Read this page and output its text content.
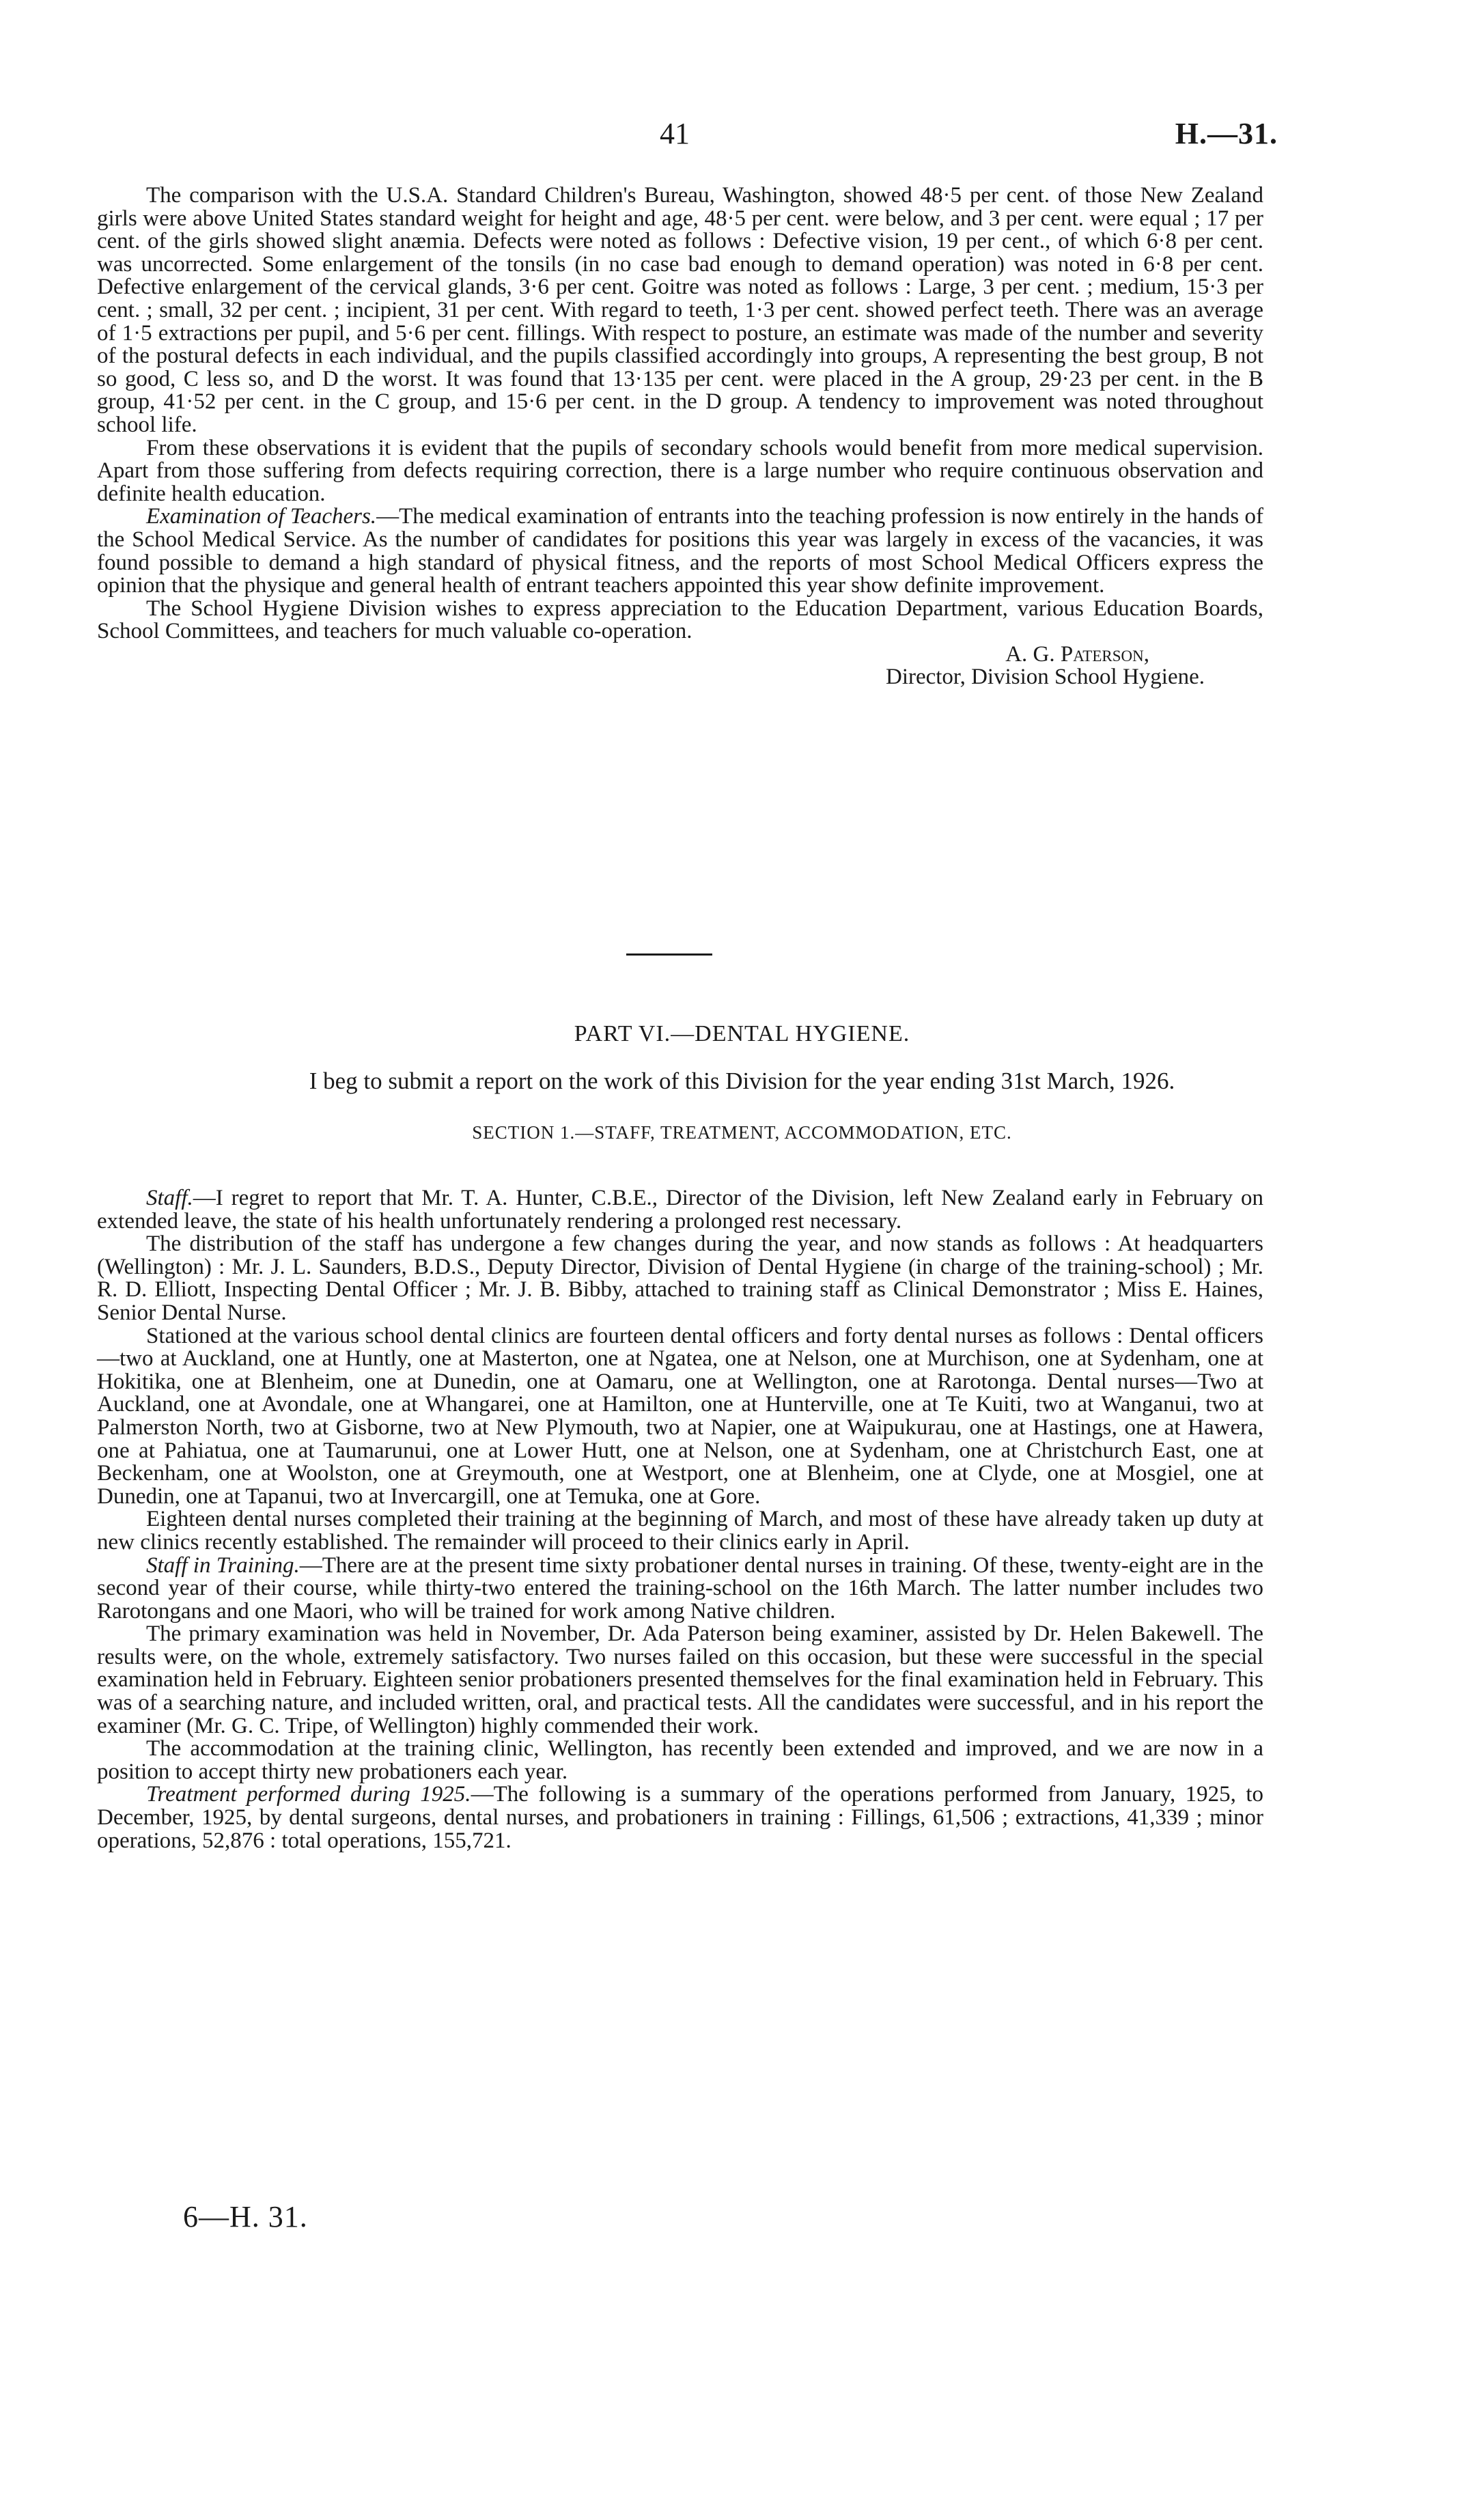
41	H.—31.

The comparison with the U.S.A. Standard Children's Bureau, Washington, showed 48·5 per cent. of those New Zealand girls were above United States standard weight for height and age, 48·5 per cent. were below, and 3 per cent. were equal ; 17 per cent. of the girls showed slight anæmia. Defects were noted as follows : Defective vision, 19 per cent., of which 6·8 per cent. was uncorrected. Some enlargement of the tonsils (in no case bad enough to demand operation) was noted in 6·8 per cent. Defective enlargement of the cervical glands, 3·6 per cent. Goitre was noted as follows : Large, 3 per cent. ; medium, 15·3 per cent. ; small, 32 per cent. ; incipient, 31 per cent. With regard to teeth, 1·3 per cent. showed perfect teeth. There was an average of 1·5 extractions per pupil, and 5·6 per cent. fillings. With respect to posture, an estimate was made of the number and severity of the postural defects in each individual, and the pupils classified accordingly into groups, A representing the best group, B not so good, C less so, and D the worst. It was found that 13·135 per cent. were placed in the A group, 29·23 per cent. in the B group, 41·52 per cent. in the C group, and 15·6 per cent. in the D group. A tendency to improvement was noted throughout school life.

From these observations it is evident that the pupils of secondary schools would benefit from more medical supervision. Apart from those suffering from defects requiring correction, there is a large number who require continuous observation and definite health education.

Examination of Teachers.—The medical examination of entrants into the teaching profession is now entirely in the hands of the School Medical Service. As the number of candidates for positions this year was largely in excess of the vacancies, it was found possible to demand a high standard of physical fitness, and the reports of most School Medical Officers express the opinion that the physique and general health of entrant teachers appointed this year show definite improvement.

The School Hygiene Division wishes to express appreciation to the Education Department, various Education Boards, School Committees, and teachers for much valuable co-operation.

A. G. Paterson,

Director, Division School Hygiene.

PART VI.—DENTAL HYGIENE.
I beg to submit a report on the work of this Division for the year ending 31st March, 1926.
SECTION 1.—STAFF, TREATMENT, ACCOMMODATION, ETC.

Staff.—I regret to report that Mr. T. A. Hunter, C.B.E., Director of the Division, left New Zealand early in February on extended leave, the state of his health unfortunately rendering a prolonged rest necessary.

The distribution of the staff has undergone a few changes during the year, and now stands as follows : At headquarters (Wellington) : Mr. J. L. Saunders, B.D.S., Deputy Director, Division of Dental Hygiene (in charge of the training-school) ; Mr. R. D. Elliott, Inspecting Dental Officer ; Mr. J. B. Bibby, attached to training staff as Clinical Demonstrator ; Miss E. Haines, Senior Dental Nurse.

Stationed at the various school dental clinics are fourteen dental officers and forty dental nurses as follows : Dental officers—two at Auckland, one at Huntly, one at Masterton, one at Ngatea, one at Nelson, one at Murchison, one at Sydenham, one at Hokitika, one at Blenheim, one at Dunedin, one at Oamaru, one at Wellington, one at Rarotonga. Dental nurses—Two at Auckland, one at Avondale, one at Whangarei, one at Hamilton, one at Hunterville, one at Te Kuiti, two at Wanganui, two at Palmerston North, two at Gisborne, two at New Plymouth, two at Napier, one at Waipukurau, one at Hastings, one at Hawera, one at Pahiatua, one at Taumarunui, one at Lower Hutt, one at Nelson, one at Sydenham, one at Christchurch East, one at Beckenham, one at Woolston, one at Greymouth, one at Westport, one at Blenheim, one at Clyde, one at Mosgiel, one at Dunedin, one at Tapanui, two at Invercargill, one at Temuka, one at Gore.

Eighteen dental nurses completed their training at the beginning of March, and most of these have already taken up duty at new clinics recently established. The remainder will proceed to their clinics early in April.

Staff in Training.—There are at the present time sixty probationer dental nurses in training. Of these, twenty-eight are in the second year of their course, while thirty-two entered the training-school on the 16th March. The latter number includes two Rarotongans and one Maori, who will be trained for work among Native children.

The primary examination was held in November, Dr. Ada Paterson being examiner, assisted by Dr. Helen Bakewell. The results were, on the whole, extremely satisfactory. Two nurses failed on this occasion, but these were successful in the special examination held in February. Eighteen senior probationers presented themselves for the final examination held in February. This was of a searching nature, and included written, oral, and practical tests. All the candidates were successful, and in his report the examiner (Mr. G. C. Tripe, of Wellington) highly commended their work.

The accommodation at the training clinic, Wellington, has recently been extended and improved, and we are now in a position to accept thirty new probationers each year.

Treatment performed during 1925.—The following is a summary of the operations performed from January, 1925, to December, 1925, by dental surgeons, dental nurses, and probationers in training : Fillings, 61,506 ; extractions, 41,339 ; minor operations, 52,876 : total operations, 155,721.

6—H. 31.
